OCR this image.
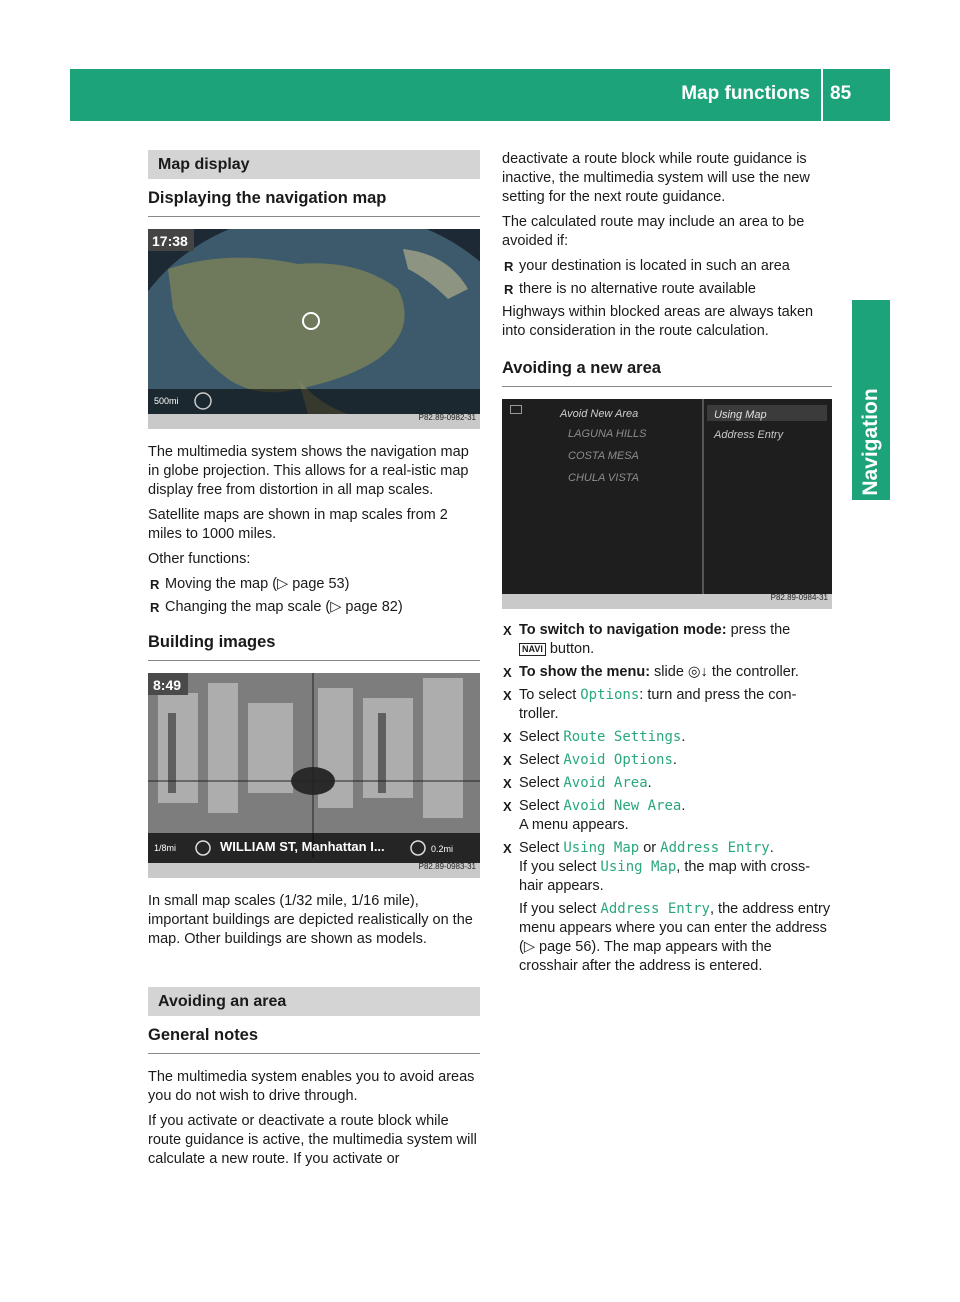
Map functions 85
Navigation
Map display
Displaying the navigation map
17:38
500mi
P82.89-0982-31

The multimedia system shows the navigation map in globe projection. This allows for a real-istic map display free from distortion in all map scales.

Satellite maps are shown in map scales from 2 miles to 1000 miles.

Other functions:

R Moving the map (▷ page 53)
R Changing the map scale (▷ page 82)
Building images
8:49
1/8mi	WILLIAM ST, Manhattan I...	0.2mi
P82.89-0983-31

In small map scales (1/32 mile, 1/16 mile), important buildings are depicted realistically on the map. Other buildings are shown as models.

Avoiding an area
General notes

The multimedia system enables you to avoid areas you do not wish to drive through.

If you activate or deactivate a route block while route guidance is active, the multimedia system will calculate a new route. If you activate or

deactivate a route block while route guidance is inactive, the multimedia system will use the new setting for the next route guidance.

The calculated route may include an area to be avoided if:

R your destination is located in such an area
R there is no alternative route available

Highways within blocked areas are always taken into consideration in the route calculation.

Avoiding a new area
Avoid New Area
LAGUNA HILLS
COSTA MESA
CHULA VISTA
Using Map
Address Entry
P82.89-0984-31
X To switch to navigation mode: press the
NAVI button.
X To show the menu: slide ◎↓ the controller.
X To select Options: turn and press the con-troller.
X Select Route Settings.
X Select Avoid Options.
X Select Avoid Area.
X Select Avoid New Area.
A menu appears.
X Select Using Map or Address Entry.
If you select Using Map, the map with cross-hair appears.
If you select Address Entry, the address entry menu appears where you can enter the address (▷ page 56). The map appears with the crosshair after the address is entered.
